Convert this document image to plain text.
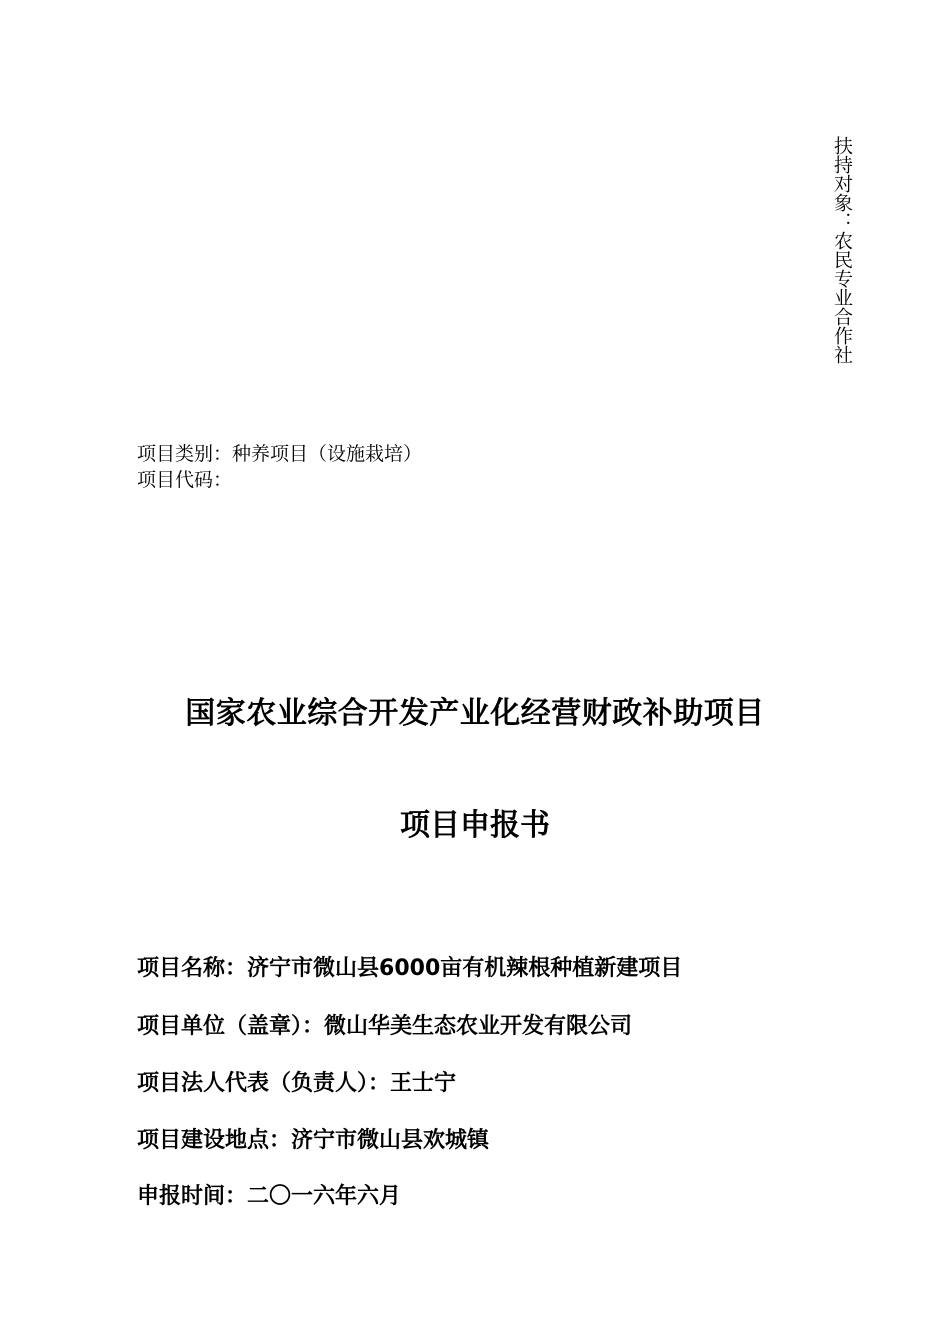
扶持对象：农民专业合作社
项目类别：种养项目（设施栽培）
项目代码：
国家农业综合开发产业化经营财政补助项目
项目申报书
项目名称：济宁市微山县6000亩有机辣根种植新建项目
项目单位（盖章）：微山华美生态农业开发有限公司
项目法人代表（负责人）：王士宁
项目建设地点：济宁市微山县欢城镇
申报时间：二〇一六年六月
